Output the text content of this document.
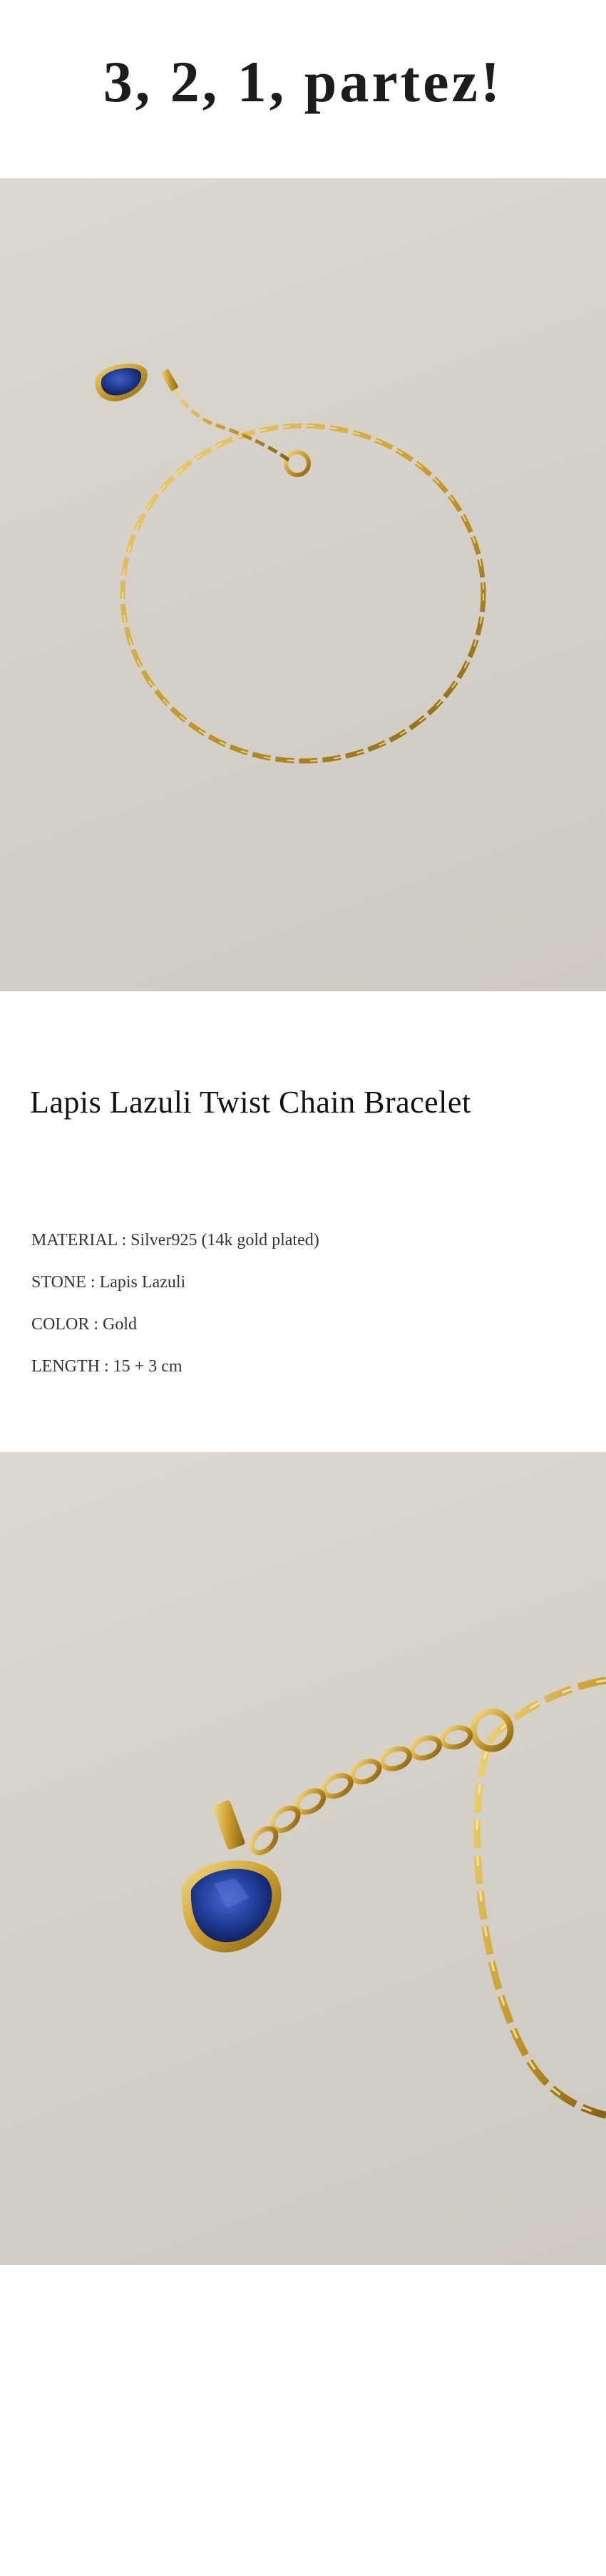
3, 2, 1, partez!
Lapis Lazuli Twist Chain Bracelet
MATERIAL : Silver925 (14k gold plated)
STONE : Lapis Lazuli
COLOR : Gold
LENGTH : 15 + 3 cm
